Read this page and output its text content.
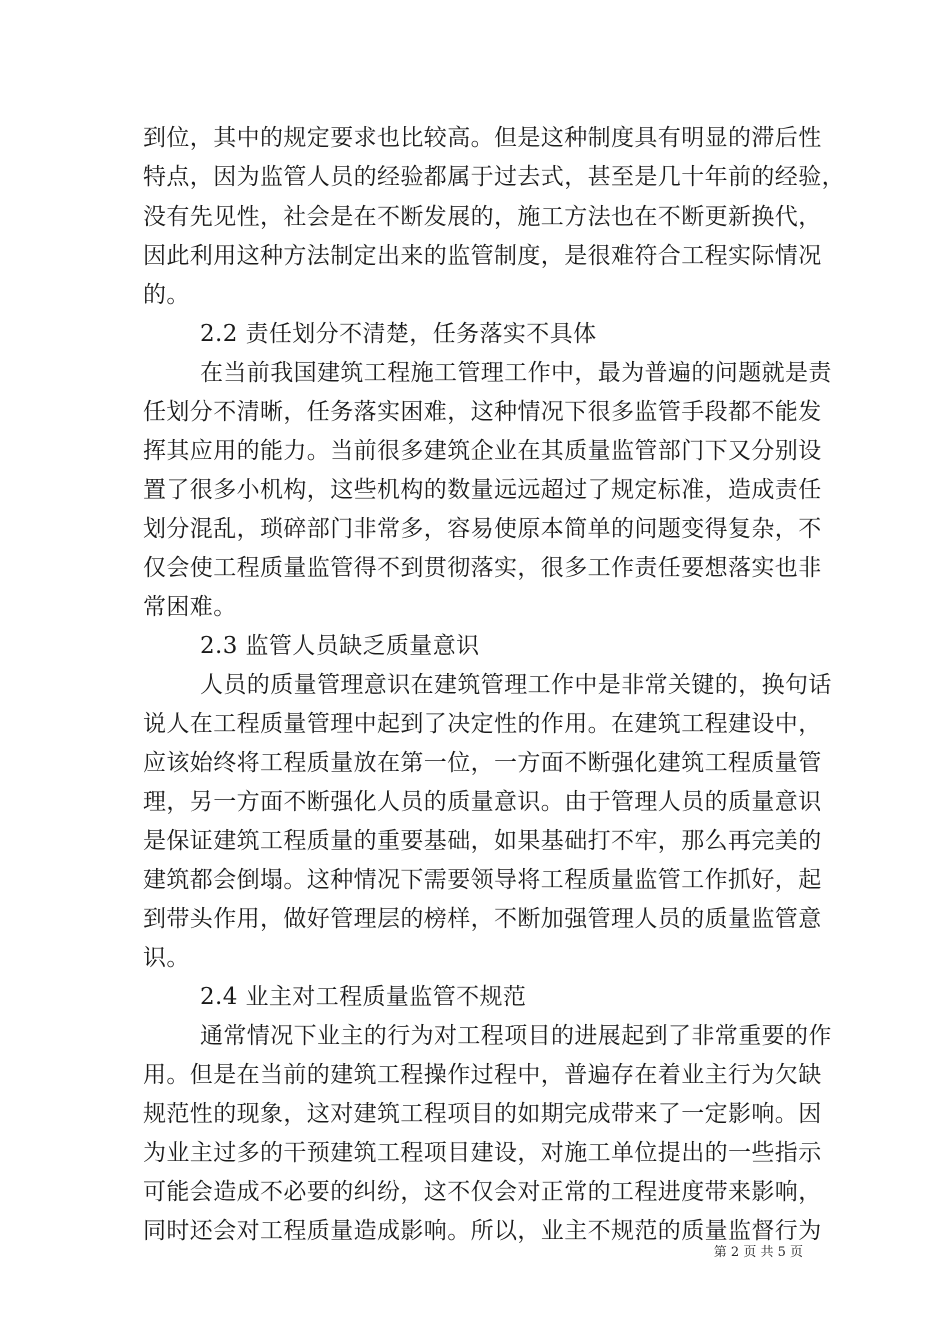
到位，其中的规定要求也比较高。但是这种制度具有明显的滞后性
特点，因为监管人员的经验都属于过去式，甚至是几十年前的经验，
没有先见性，社会是在不断发展的，施工方法也在不断更新换代，
因此利用这种方法制定出来的监管制度，是很难符合工程实际情况
的。
2.2 责任划分不清楚，任务落实不具体
在当前我国建筑工程施工管理工作中，最为普遍的问题就是责
任划分不清晰，任务落实困难，这种情况下很多监管手段都不能发
挥其应用的能力。当前很多建筑企业在其质量监管部门下又分别设
置了很多小机构，这些机构的数量远远超过了规定标准，造成责任
划分混乱，琐碎部门非常多，容易使原本简单的问题变得复杂，不
仅会使工程质量监管得不到贯彻落实，很多工作责任要想落实也非
常困难。
2.3 监管人员缺乏质量意识
人员的质量管理意识在建筑管理工作中是非常关键的，换句话
说人在工程质量管理中起到了决定性的作用。在建筑工程建设中，
应该始终将工程质量放在第一位，一方面不断强化建筑工程质量管
理，另一方面不断强化人员的质量意识。由于管理人员的质量意识
是保证建筑工程质量的重要基础，如果基础打不牢，那么再完美的
建筑都会倒塌。这种情况下需要领导将工程质量监管工作抓好，起
到带头作用，做好管理层的榜样，不断加强管理人员的质量监管意
识。
2.4 业主对工程质量监管不规范
通常情况下业主的行为对工程项目的进展起到了非常重要的作
用。但是在当前的建筑工程操作过程中，普遍存在着业主行为欠缺
规范性的现象，这对建筑工程项目的如期完成带来了一定影响。因
为业主过多的干预建筑工程项目建设，对施工单位提出的一些指示
可能会造成不必要的纠纷，这不仅会对正常的工程进度带来影响，
同时还会对工程质量造成影响。所以，业主不规范的质量监督行为
第 2 页 共 5 页
